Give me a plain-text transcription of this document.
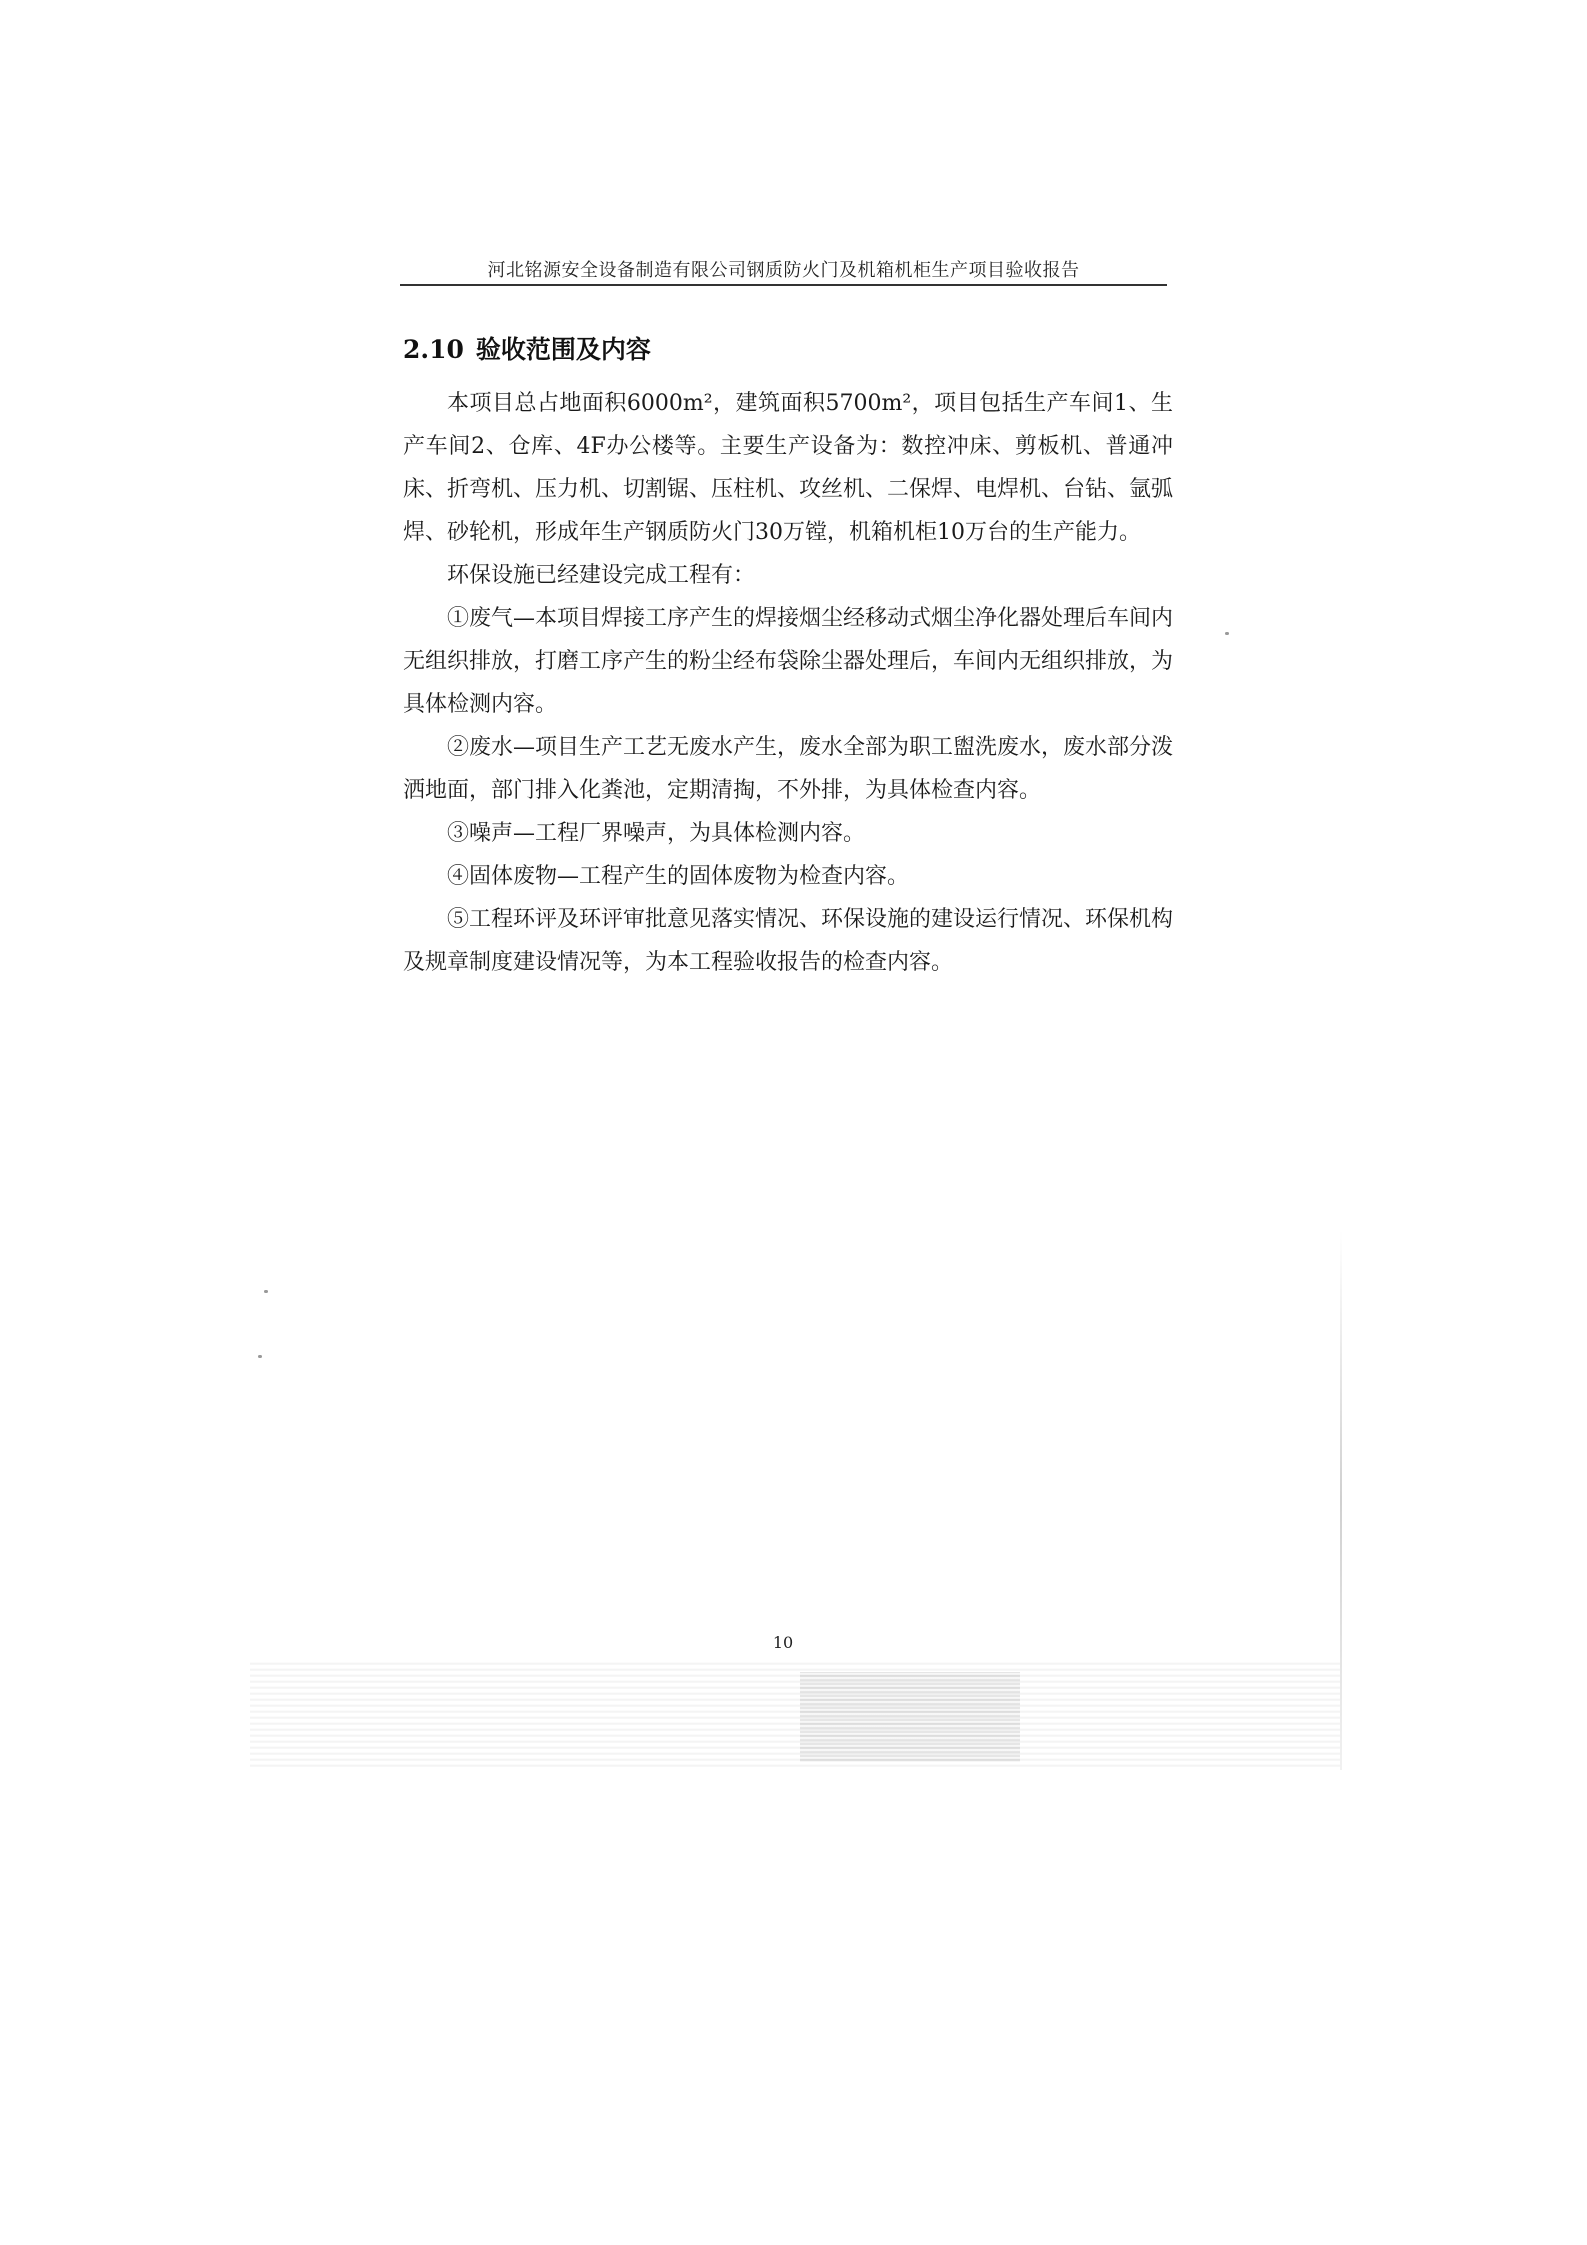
河北铭源安全设备制造有限公司钢质防火门及机箱机柜生产项目验收报告
2.10 验收范围及内容

本项目总占地面积6000m²，建筑面积5700m²，项目包括生产车间1、生产车间2、仓库、4F办公楼等。主要生产设备为：数控冲床、剪板机、普通冲床、折弯机、压力机、切割锯、压柱机、攻丝机、二保焊、电焊机、台钻、氩弧焊、砂轮机，形成年生产钢质防火门30万镗，机箱机柜10万台的生产能力。

环保设施已经建设完成工程有：

①废气—本项目焊接工序产生的焊接烟尘经移动式烟尘净化器处理后车间内无组织排放，打磨工序产生的粉尘经布袋除尘器处理后，车间内无组织排放，为具体检测内容。

②废水—项目生产工艺无废水产生，废水全部为职工盥洗废水，废水部分泼洒地面，部门排入化粪池，定期清掏，不外排，为具体检查内容。

③噪声—工程厂界噪声，为具体检测内容。

④固体废物—工程产生的固体废物为检查内容。

⑤工程环评及环评审批意见落实情况、环保设施的建设运行情况、环保机构及规章制度建设情况等，为本工程验收报告的检查内容。

10
